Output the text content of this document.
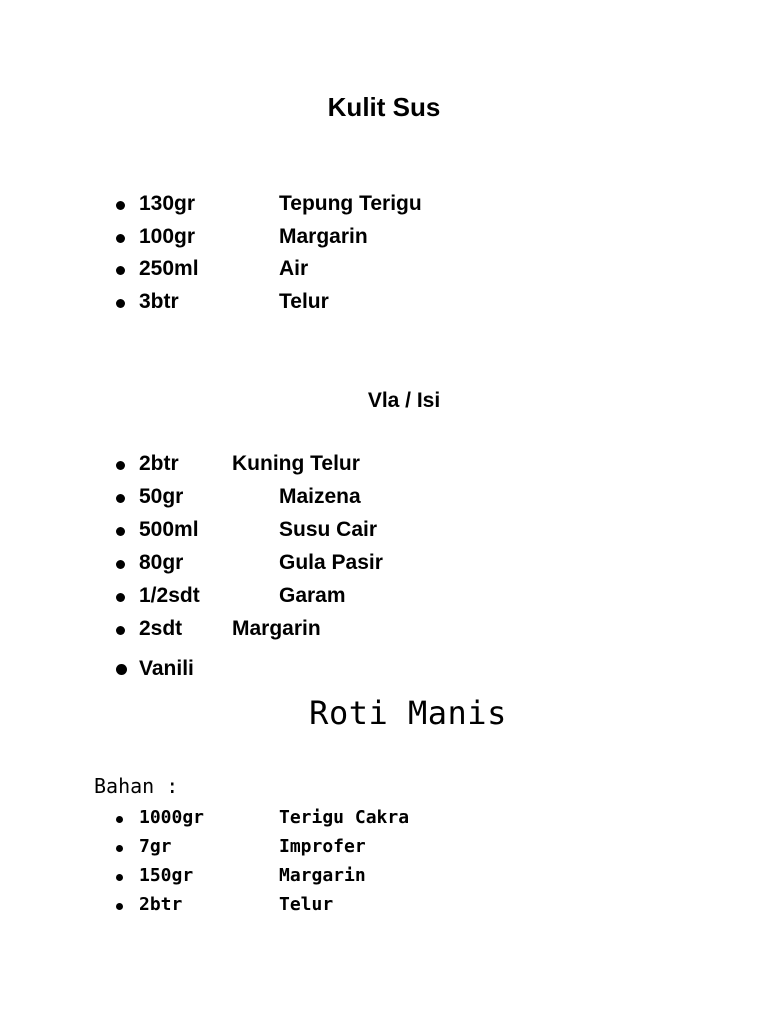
Kulit Sus
130gr	Tepung Terigu
100gr	Margarin
250ml	Air
3btr	Telur
Vla / Isi
2btr	Kuning Telur
50gr	Maizena
500ml	Susu Cair
80gr	Gula Pasir
1/2sdt	Garam
2sdt Margarin
Vanili
Roti Manis

Bahan :

1000gr	Terigu Cakra
7gr	Improfer
150gr	Margarin
2btr	Telur
